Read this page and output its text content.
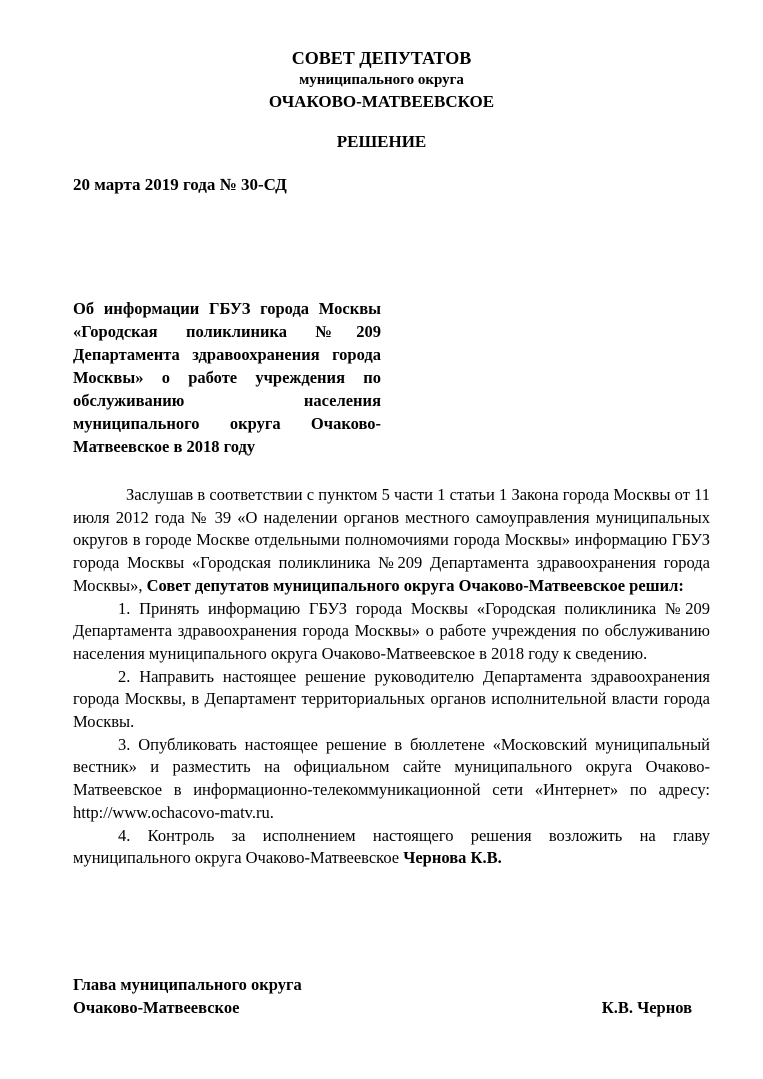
СОВЕТ ДЕПУТАТОВ
муниципального округа
ОЧАКОВО-МАТВЕЕВСКОЕ
РЕШЕНИЕ
20 марта 2019 года № 30-СД
Об информации ГБУЗ города Москвы «Городская поликлиника №209 Департамента здравоохранения города Москвы» о работе учреждения по обслуживанию населения муниципального округа Очаково-Матвеевское в 2018 году

Заслушав в соответствии с пунктом 5 части 1 статьи 1 Закона города Москвы от 11 июля 2012 года № 39 «О наделении органов местного самоуправления муниципальных округов в городе Москве отдельными полномочиями города Москвы» информацию ГБУЗ города Москвы «Городская поликлиника №209 Департамента здравоохранения города Москвы», Совет депутатов муниципального округа Очаково-Матвеевское решил:

1. Принять информацию ГБУЗ города Москвы «Городская поликлиника №209 Департамента здравоохранения города Москвы» о работе учреждения по обслуживанию населения муниципального округа Очаково-Матвеевское в 2018 году к сведению.

2. Направить настоящее решение руководителю Департамента здравоохранения города Москвы, в Департамент территориальных органов исполнительной власти города Москвы.

3. Опубликовать настоящее решение в бюллетене «Московский муниципальный вестник» и разместить на официальном сайте муниципального округа Очаково-Матвеевское в информационно-телекоммуникационной сети «Интернет» по адресу: http://www.ochacovo-matv.ru.

4. Контроль за исполнением настоящего решения возложить на главу муниципального округа Очаково-Матвеевское Чернова К.В.

Глава муниципального округа
Очаково-Матвеевское	К.В. Чернов
